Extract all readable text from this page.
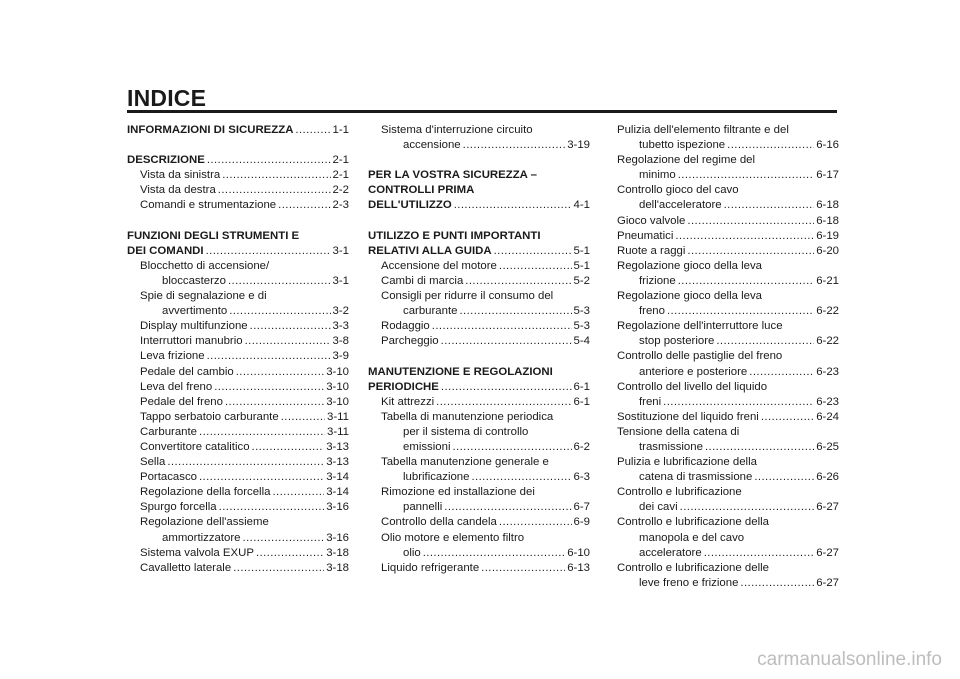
INDICE
INFORMAZIONI DI SICUREZZA .....	1-1
DESCRIZIONE .....	2-1
Vista da sinistra .....	2-1
Vista da destra .....	2-2
Comandi e strumentazione .....	2-3
FUNZIONI DEGLI STRUMENTI E
DEI COMANDI .....	3-1
Blocchetto di accensione/
bloccasterzo .....	3-1
Spie di segnalazione e di
avvertimento .....	3-2
Display multifunzione .....	3-3
Interruttori manubrio .....	3-8
Leva frizione .....	3-9
Pedale del cambio .....	3-10
Leva del freno .....	3-10
Pedale del freno .....	3-10
Tappo serbatoio carburante .....	3-11
Carburante .....	3-11
Convertitore catalitico .....	3-13
Sella .....	3-13
Portacasco .....	3-14
Regolazione della forcella .....	3-14
Spurgo forcella .....	3-16
Regolazione dell'assieme
ammortizzatore .....	3-16
Sistema valvola EXUP .....	3-18
Cavalletto laterale .....	3-18
Sistema d'interruzione circuito
accensione .....	3-19
PER LA VOSTRA SICUREZZA –
CONTROLLI PRIMA
DELL'UTILIZZO .....	4-1
UTILIZZO E PUNTI IMPORTANTI
RELATIVI ALLA GUIDA .....	5-1
Accensione del motore .....	5-1
Cambi di marcia .....	5-2
Consigli per ridurre il consumo del
carburante .....	5-3
Rodaggio .....	5-3
Parcheggio .....	5-4
MANUTENZIONE E REGOLAZIONI
PERIODICHE .....	6-1
Kit attrezzi .....	6-1
Tabella di manutenzione periodica
per il sistema di controllo
emissioni .....	6-2
Tabella manutenzione generale e
lubrificazione .....	6-3
Rimozione ed installazione dei
pannelli .....	6-7
Controllo della candela .....	6-9
Olio motore e elemento filtro
olio .....	6-10
Liquido refrigerante .....	6-13
Pulizia dell'elemento filtrante e del
tubetto ispezione .....	6-16
Regolazione del regime del
minimo .....	6-17
Controllo gioco del cavo
dell'acceleratore .....	6-18
Gioco valvole .....	6-18
Pneumatici .....	6-19
Ruote a raggi .....	6-20
Regolazione gioco della leva
frizione .....	6-21
Regolazione gioco della leva
freno .....	6-22
Regolazione dell'interruttore luce
stop posteriore .....	6-22
Controllo delle pastiglie del freno
anteriore e posteriore .....	6-23
Controllo del livello del liquido
freni .....	6-23
Sostituzione del liquido freni .....	6-24
Tensione della catena di
trasmissione .....	6-25
Pulizia e lubrificazione della
catena di trasmissione .....	6-26
Controllo e lubrificazione
dei cavi .....	6-27
Controllo e lubrificazione della
manopola e del cavo
acceleratore .....	6-27
Controllo e lubrificazione delle
leve freno e frizione .....	6-27
carmanualsonline.info
